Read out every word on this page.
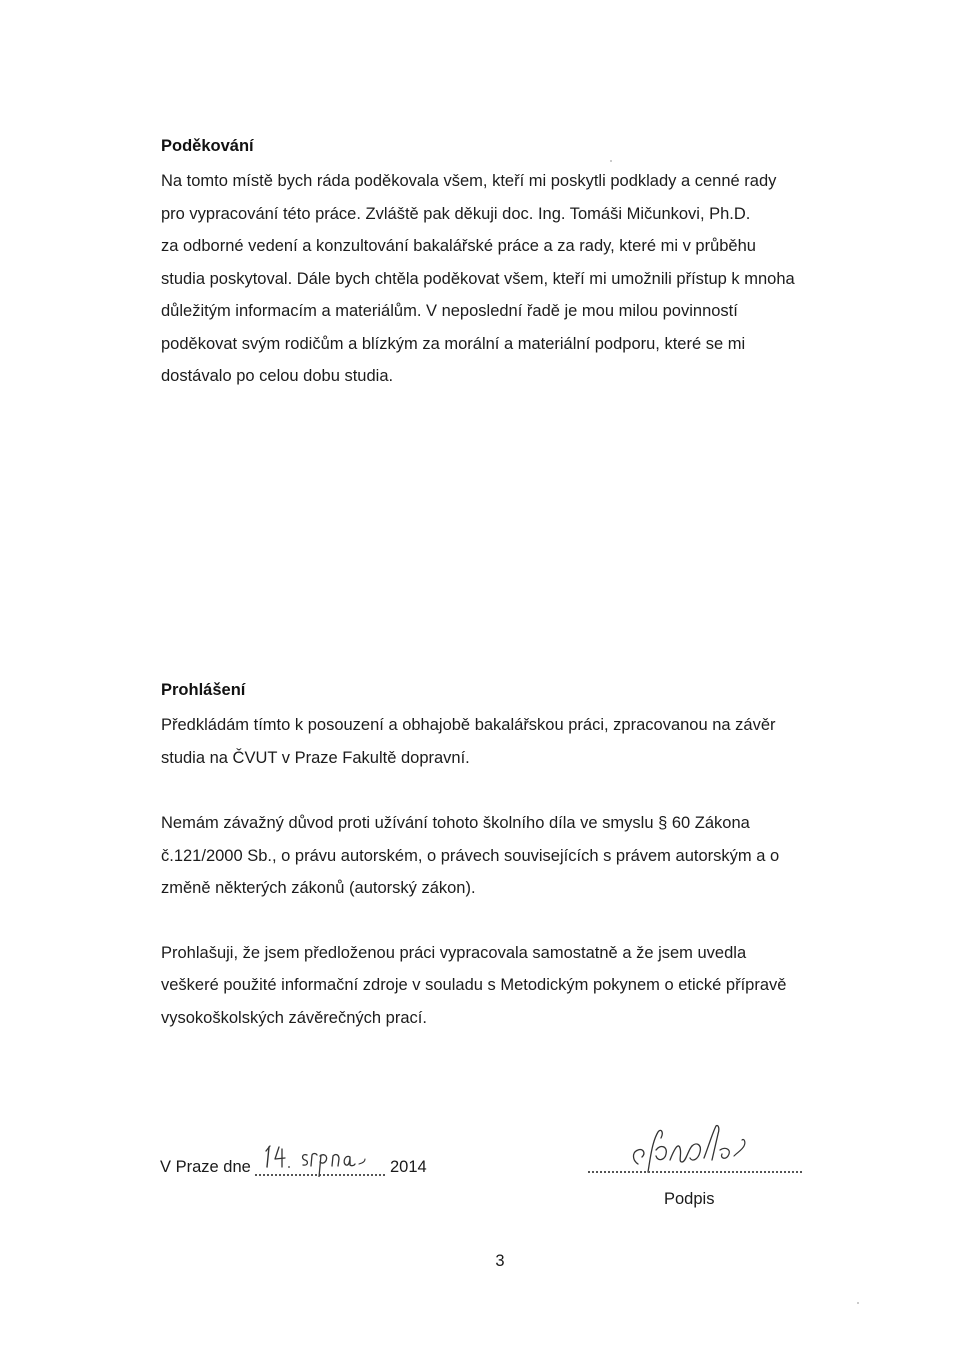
Poděkování
Na tomto místě bych ráda poděkovala všem, kteří mi poskytli podklady a cenné rady
pro vypracování této práce. Zvláště pak děkuji doc. Ing. Tomáši Mičunkovi, Ph.D.
za odborné vedení a konzultování bakalářské práce a za rady, které mi v průběhu
studia poskytoval. Dále bych chtěla poděkovat všem, kteří mi umožnili přístup k mnoha
důležitým informacím a materiálům. V neposlední řadě je mou milou povinností
poděkovat svým rodičům a blízkým za morální a materiální podporu, které se mi
dostávalo po celou dobu studia.
Prohlášení
Předkládám tímto k posouzení a obhajobě bakalářskou práci, zpracovanou na závěr
studia na ČVUT v Praze Fakultě dopravní.
Nemám závažný důvod proti užívání tohoto školního díla ve smyslu § 60 Zákona
č.121/2000 Sb., o právu autorském, o právech souvisejících s právem autorským a o
změně některých zákonů (autorský zákon).
Prohlašuji, že jsem předloženou práci vypracovala samostatně a že jsem uvedla
veškeré použité informační zdroje v souladu s Metodickým pokynem o etické přípravě
vysokoškolských závěrečných prací.
V Praze dne	2014
Podpis
3
